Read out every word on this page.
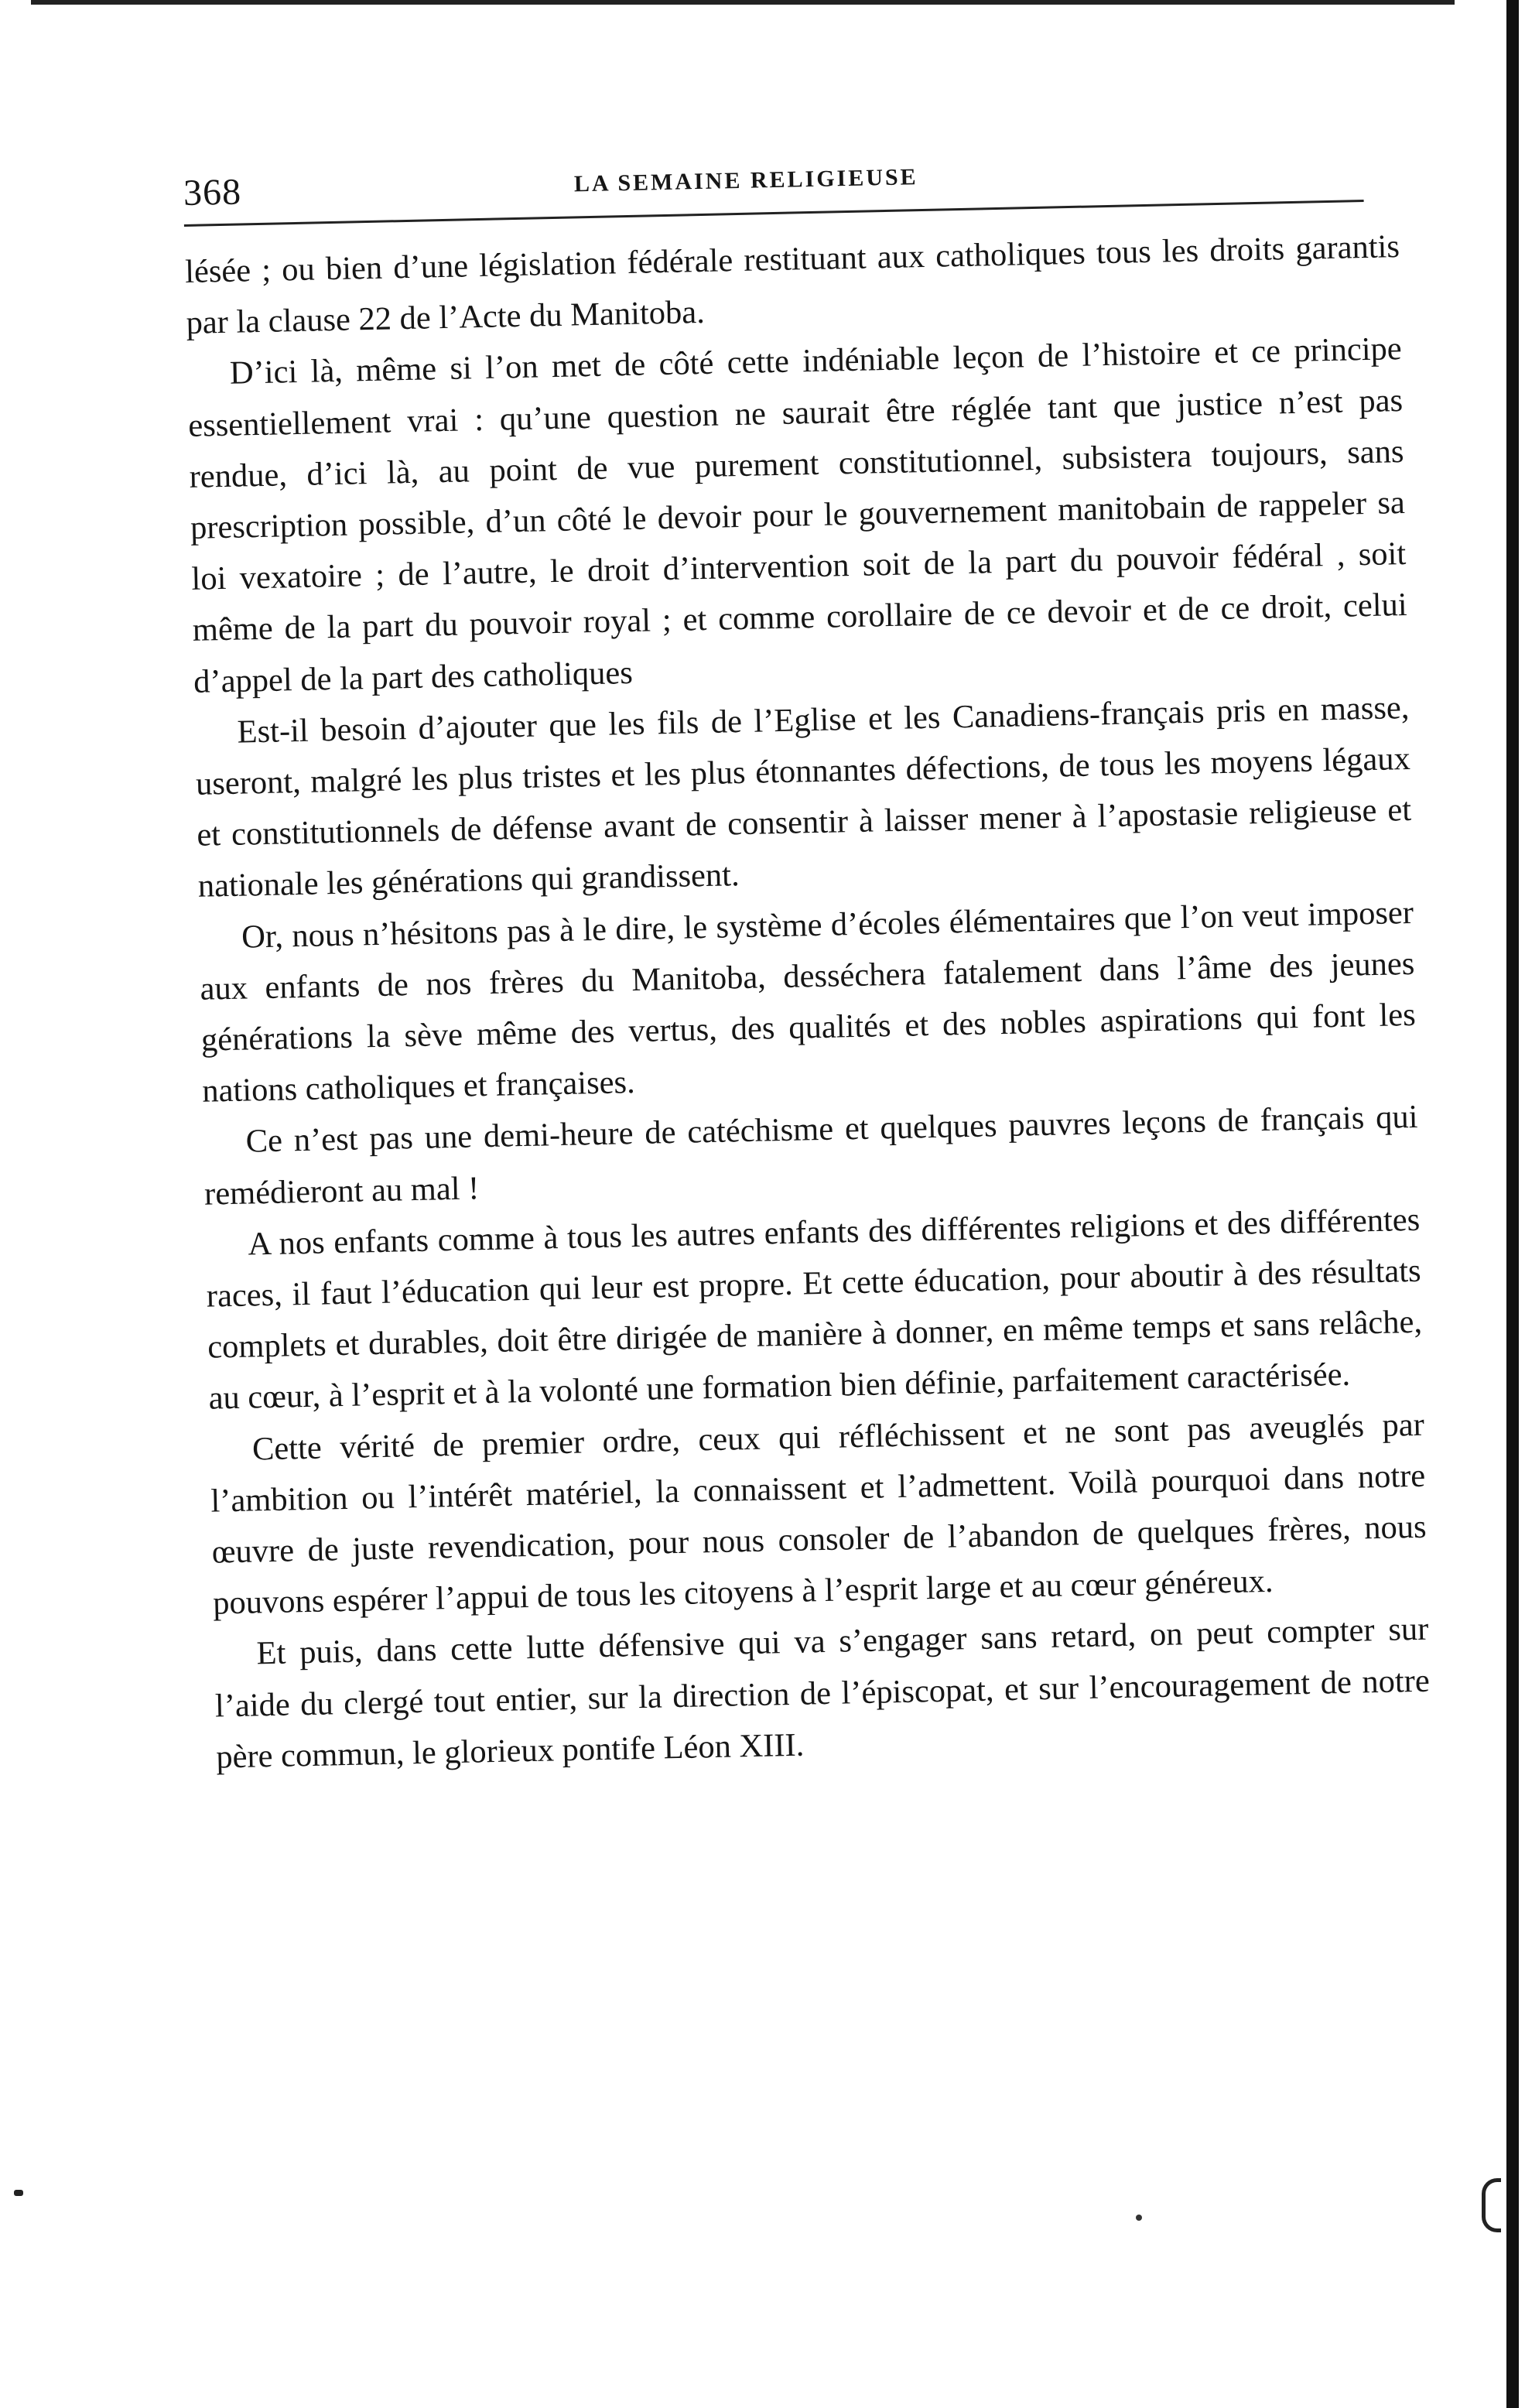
368	LA SEMAINE RELIGIEUSE

lésée ; ou bien d’une législation fédérale restituant aux catholiques tous les droits garantis par la clause 22 de l’Acte du Manitoba.

D’ici là, même si l’on met de côté cette indéniable leçon de l’histoire et ce principe essentiellement vrai : qu’une question ne saurait être réglée tant que justice n’est pas rendue, d’ici là, au point de vue purement constitutionnel, subsistera toujours, sans prescription possible, d’un côté le devoir pour le gouvernement manitobain de rappeler sa loi vexatoire ; de l’autre, le droit d’intervention soit de la part du pouvoir fédéral , soit même de la part du pouvoir royal ; et comme corollaire de ce devoir et de ce droit, celui d’appel de la part des catholiques

Est-il besoin d’ajouter que les fils de l’Eglise et les Canadiens-français pris en masse, useront, malgré les plus tristes et les plus étonnantes défections, de tous les moyens légaux et constitutionnels de défense avant de consentir à laisser mener à l’apostasie religieuse et nationale les générations qui grandissent.

Or, nous n’hésitons pas à le dire, le système d’écoles élémentaires que l’on veut imposer aux enfants de nos frères du Manitoba, desséchera fatalement dans l’âme des jeunes générations la sève même des vertus, des qualités et des nobles aspirations qui font les nations catholiques et françaises.

Ce n’est pas une demi-heure de catéchisme et quelques pauvres leçons de français qui remédieront au mal !

A nos enfants comme à tous les autres enfants des différentes religions et des différentes races, il faut l’éducation qui leur est propre. Et cette éducation, pour aboutir à des résultats complets et durables, doit être dirigée de manière à donner, en même temps et sans relâche, au cœur, à l’esprit et à la volonté une formation bien définie, parfaitement caractérisée.

Cette vérité de premier ordre, ceux qui réfléchissent et ne sont pas aveuglés par l’ambition ou l’intérêt matériel, la connaissent et l’admettent. Voilà pourquoi dans notre œuvre de juste revendication, pour nous consoler de l’abandon de quelques frères, nous pouvons espérer l’appui de tous les citoyens à l’esprit large et au cœur généreux.

Et puis, dans cette lutte défensive qui va s’engager sans retard, on peut compter sur l’aide du clergé tout entier, sur la direction de l’épiscopat, et sur l’encouragement de notre père commun, le glorieux pontife Léon XIII.
